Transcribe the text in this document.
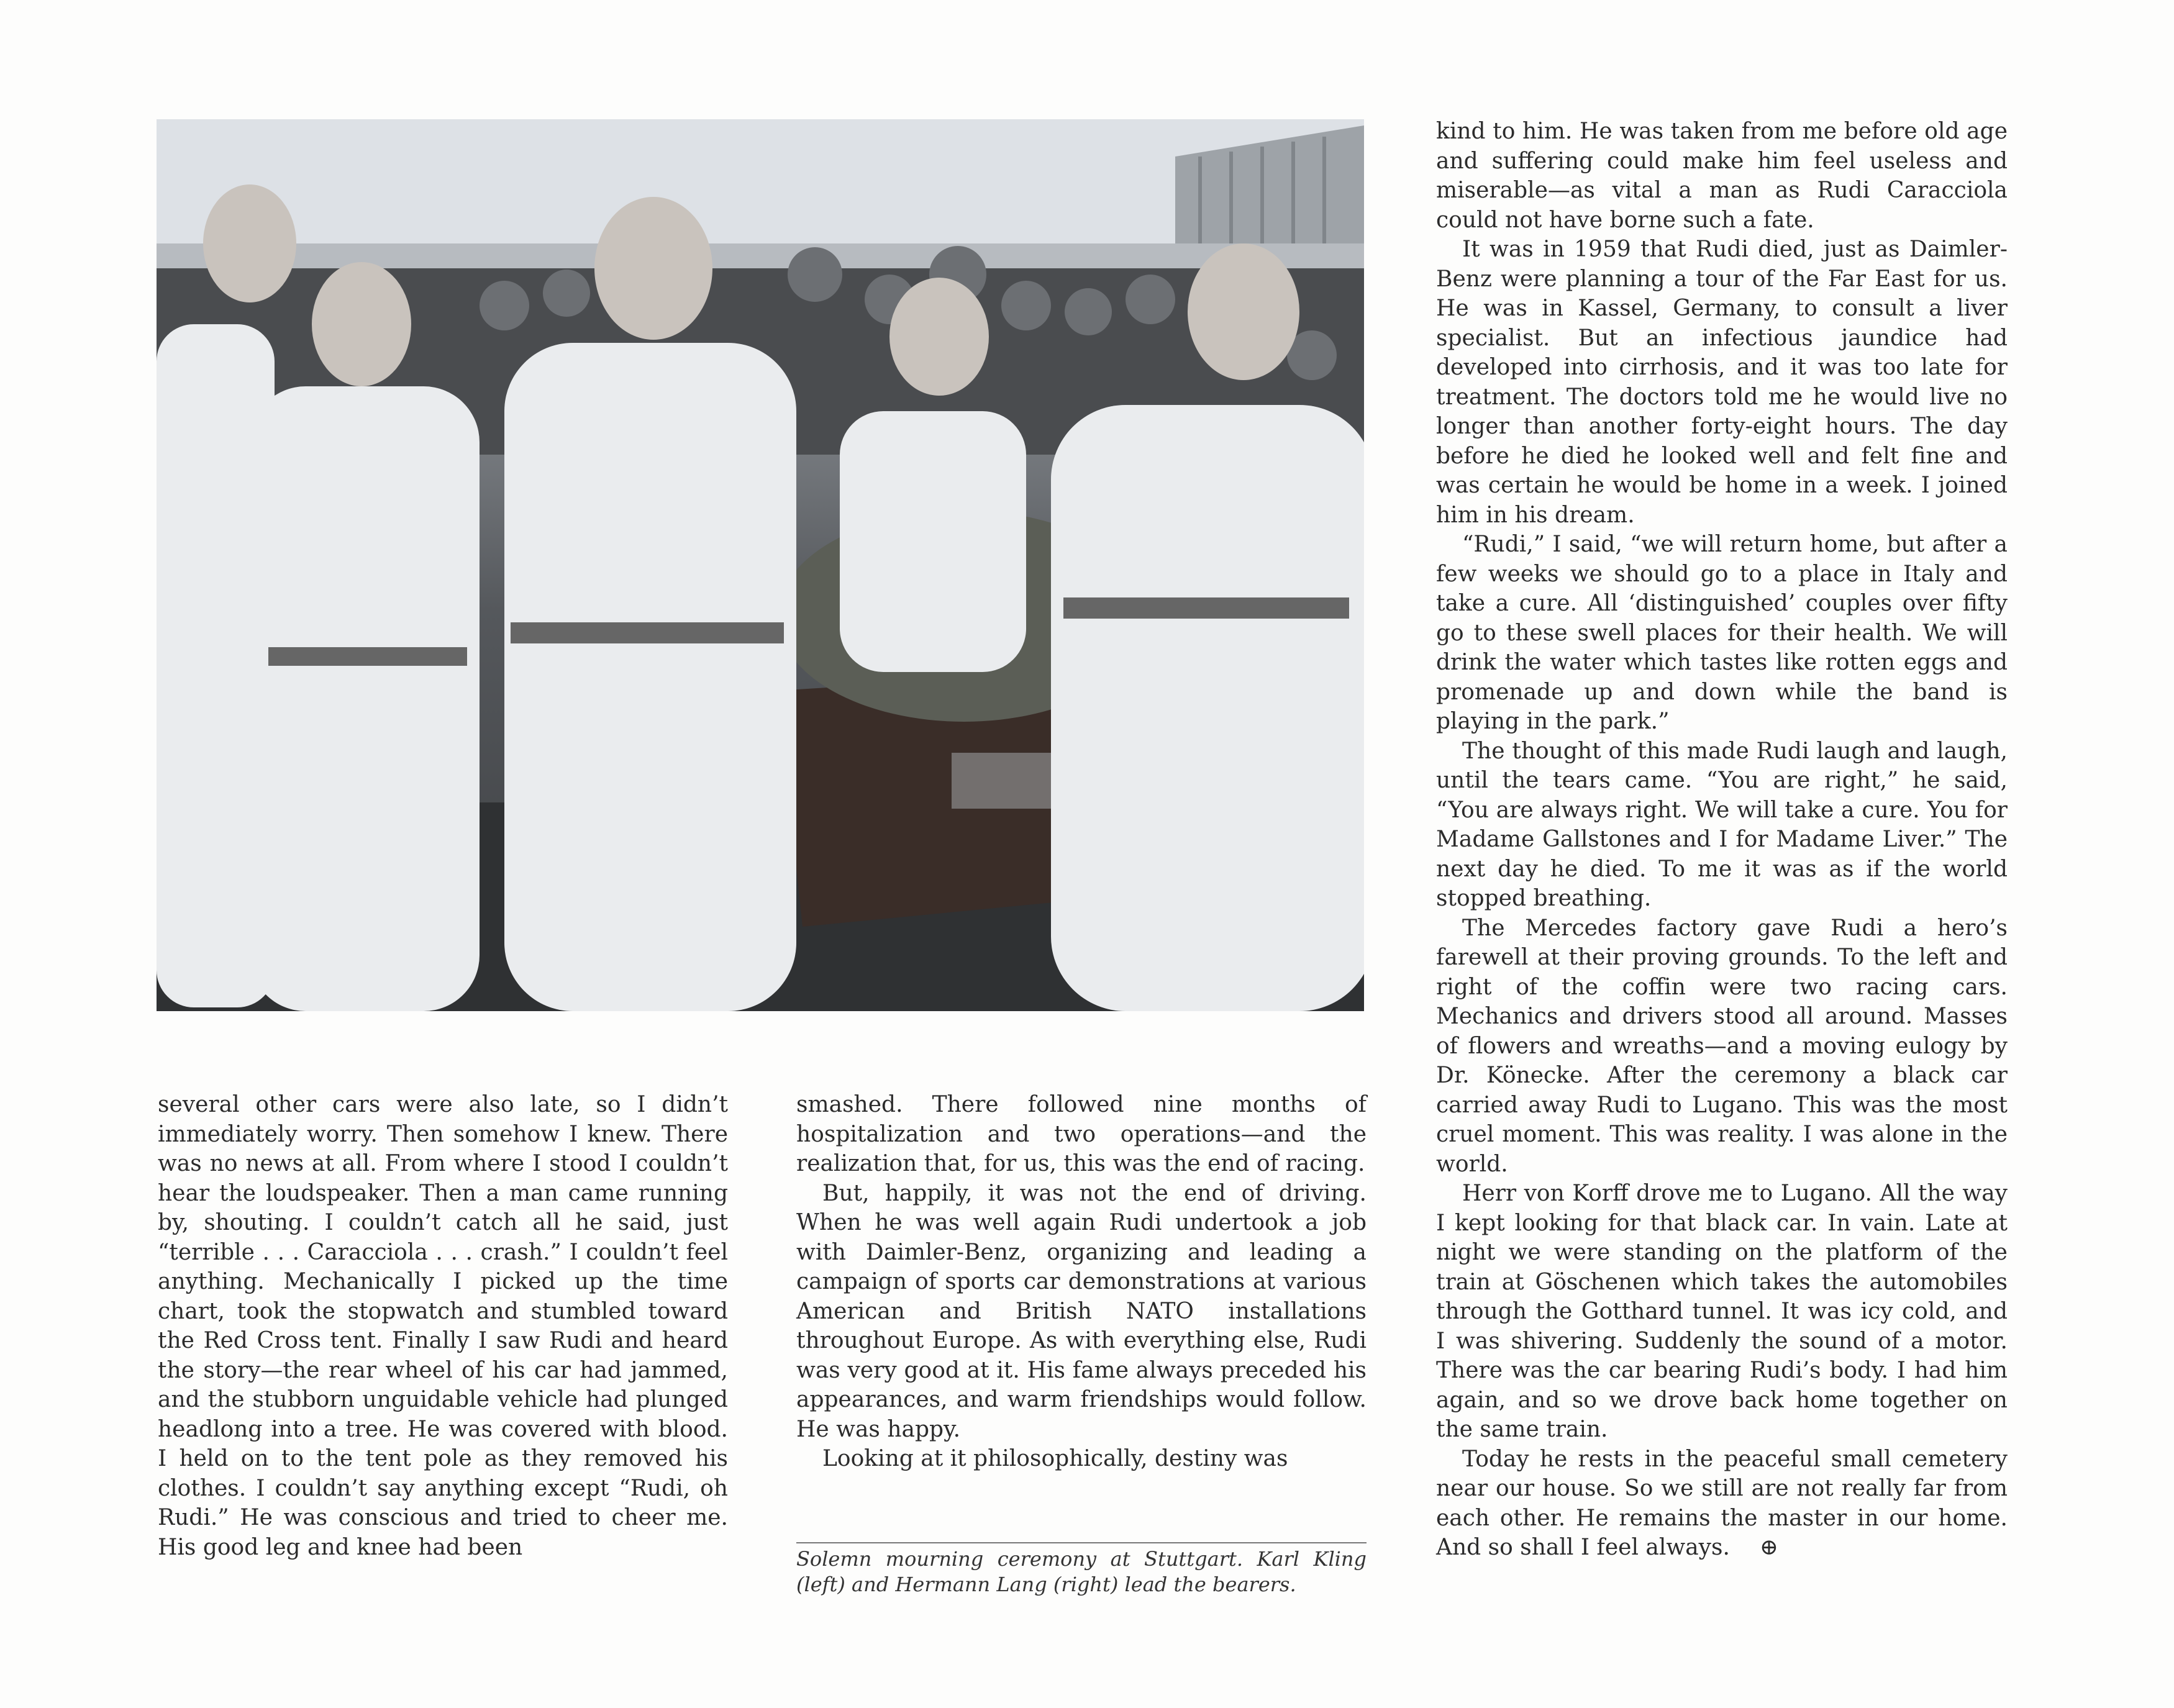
several other cars were also late, so I didn’t immediately worry. Then somehow I knew. There was no news at all. From where I stood I couldn’t hear the loudspeaker. Then a man came running by, shouting. I couldn’t catch all he said, just “terrible . . . Caracciola . . . crash.” I couldn’t feel anything. Mechanically I picked up the time chart, took the stopwatch and stumbled toward the Red Cross tent. Finally I saw Rudi and heard the story—the rear wheel of his car had jammed, and the stubborn unguidable vehicle had plunged headlong into a tree. He was covered with blood. I held on to the tent pole as they removed his clothes. I couldn’t say anything except “Rudi, oh Rudi.” He was conscious and tried to cheer me. His good leg and knee had been

smashed. There followed nine months of hospitalization and two operations—and the realization that, for us, this was the end of racing.

But, happily, it was not the end of driving. When he was well again Rudi undertook a job with Daimler-Benz, organizing and leading a campaign of sports car demonstrations at various American and British NATO installations throughout Europe. As with everything else, Rudi was very good at it. His fame always preceded his appearances, and warm friendships would follow. He was happy.

Looking at it philosophically, destiny was

Solemn mourning ceremony at Stuttgart. Karl Kling (left) and Hermann Lang (right) lead the bearers.

kind to him. He was taken from me before old age and suffering could make him feel useless and miserable—as vital a man as Rudi Caracciola could not have borne such a fate.

It was in 1959 that Rudi died, just as Daimler-Benz were planning a tour of the Far East for us. He was in Kassel, Germany, to consult a liver specialist. But an infectious jaundice had developed into cirrhosis, and it was too late for treatment. The doctors told me he would live no longer than another forty-eight hours. The day before he died he looked well and felt fine and was certain he would be home in a week. I joined him in his dream.

“Rudi,” I said, “we will return home, but after a few weeks we should go to a place in Italy and take a cure. All ‘distinguished’ couples over fifty go to these swell places for their health. We will drink the water which tastes like rotten eggs and promenade up and down while the band is playing in the park.”

The thought of this made Rudi laugh and laugh, until the tears came. “You are right,” he said, “You are always right. We will take a cure. You for Madame Gallstones and I for Madame Liver.” The next day he died. To me it was as if the world stopped breathing.

The Mercedes factory gave Rudi a hero’s farewell at their proving grounds. To the left and right of the coffin were two racing cars. Mechanics and drivers stood all around. Masses of flowers and wreaths—and a moving eulogy by Dr. Könecke. After the ceremony a black car carried away Rudi to Lugano. This was the most cruel moment. This was reality. I was alone in the world.

Herr von Korff drove me to Lugano. All the way I kept looking for that black car. In vain. Late at night we were standing on the platform of the train at Göschenen which takes the automobiles through the Gotthard tunnel. It was icy cold, and I was shivering. Suddenly the sound of a motor. There was the car bearing Rudi’s body. I had him again, and so we drove back home together on the same train.

Today he rests in the peaceful small cemetery near our house. So we still are not really far from each other. He remains the master in our home. And so shall I feel always. ⊕
